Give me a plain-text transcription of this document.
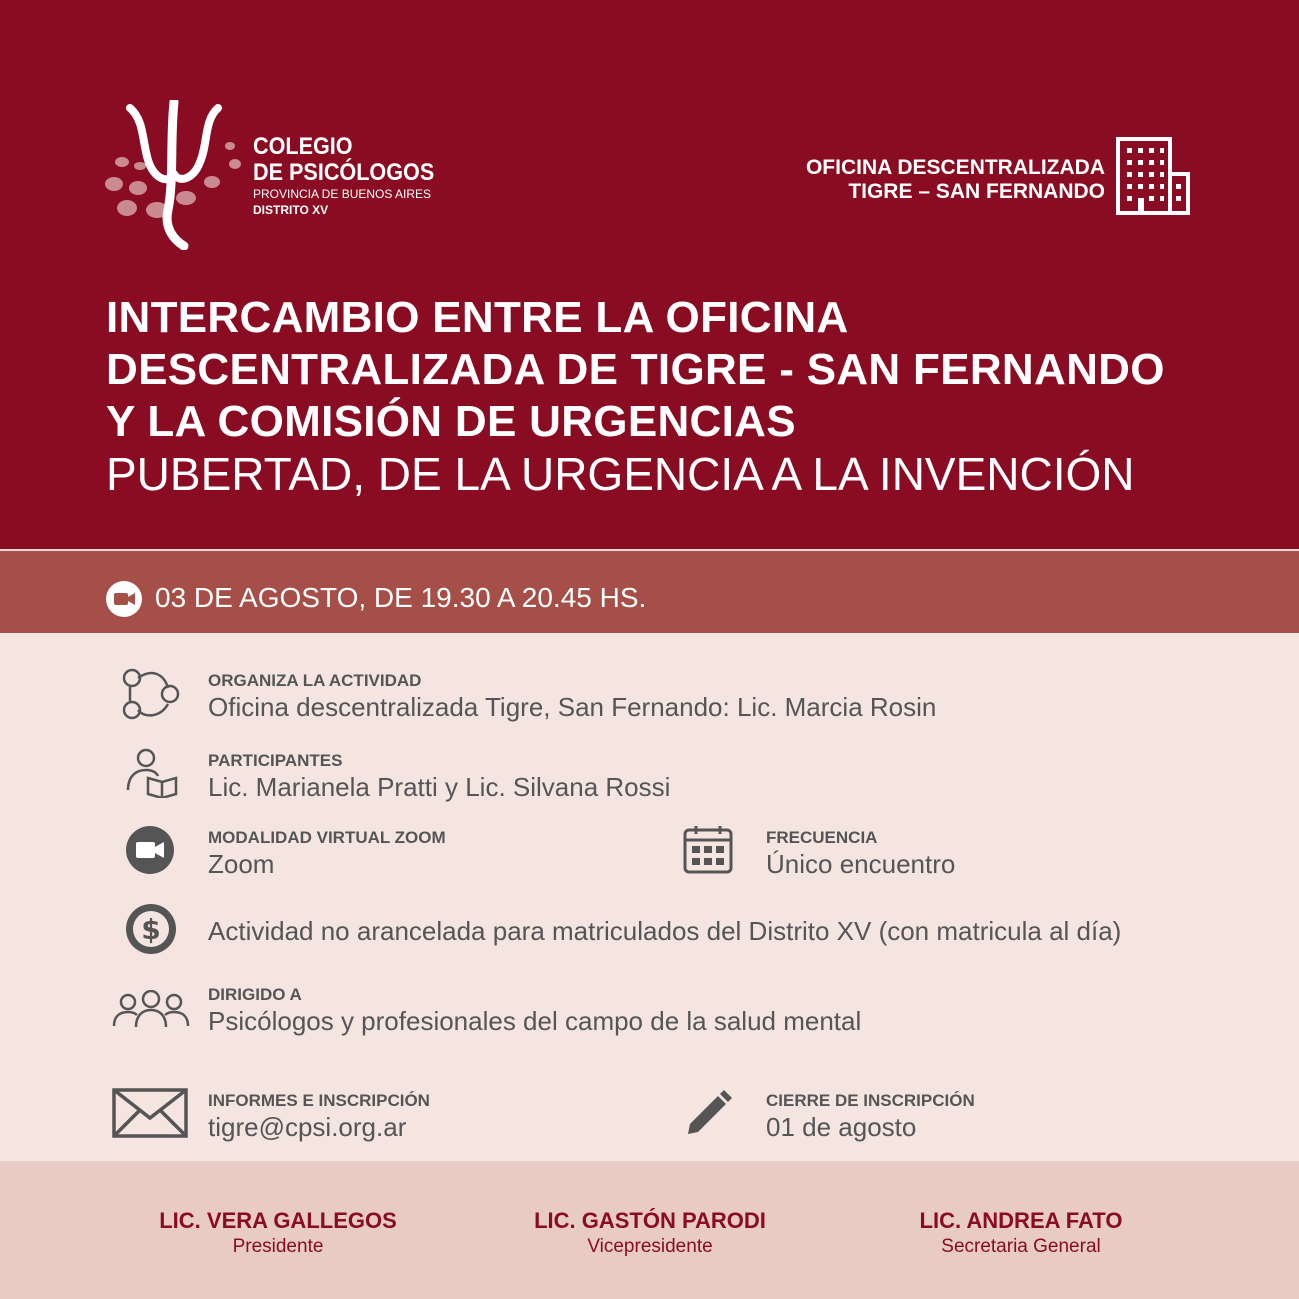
COLEGIO
DE PSICÓLOGOS
PROVINCIA DE BUENOS AIRES
DISTRITO XV
OFICINA DESCENTRALIZADA
TIGRE – SAN FERNANDO
INTERCAMBIO ENTRE LA OFICINA
DESCENTRALIZADA DE TIGRE - SAN FERNANDO
Y LA COMISIÓN DE URGENCIAS
PUBERTAD, DE LA URGENCIA A LA INVENCIÓN
03 DE AGOSTO, DE 19.30 A 20.45 HS.
ORGANIZA LA ACTIVIDAD
Oficina descentralizada Tigre, San Fernando: Lic. Marcia Rosin
PARTICIPANTES
Lic. Marianela Pratti y Lic. Silvana Rossi
MODALIDAD VIRTUAL ZOOM
Zoom
FRECUENCIA
Único encuentro
$ Actividad no arancelada para matriculados del Distrito XV (con matricula al día)
DIRIGIDO A
Psicólogos y profesionales del campo de la salud mental
INFORMES E INSCRIPCIÓN
tigre@cpsi.org.ar
CIERRE DE INSCRIPCIÓN
01 de agosto
LIC. VERA GALLEGOS
Presidente
LIC. GASTÓN PARODI
Vicepresidente
LIC. ANDREA FATO
Secretaria General
